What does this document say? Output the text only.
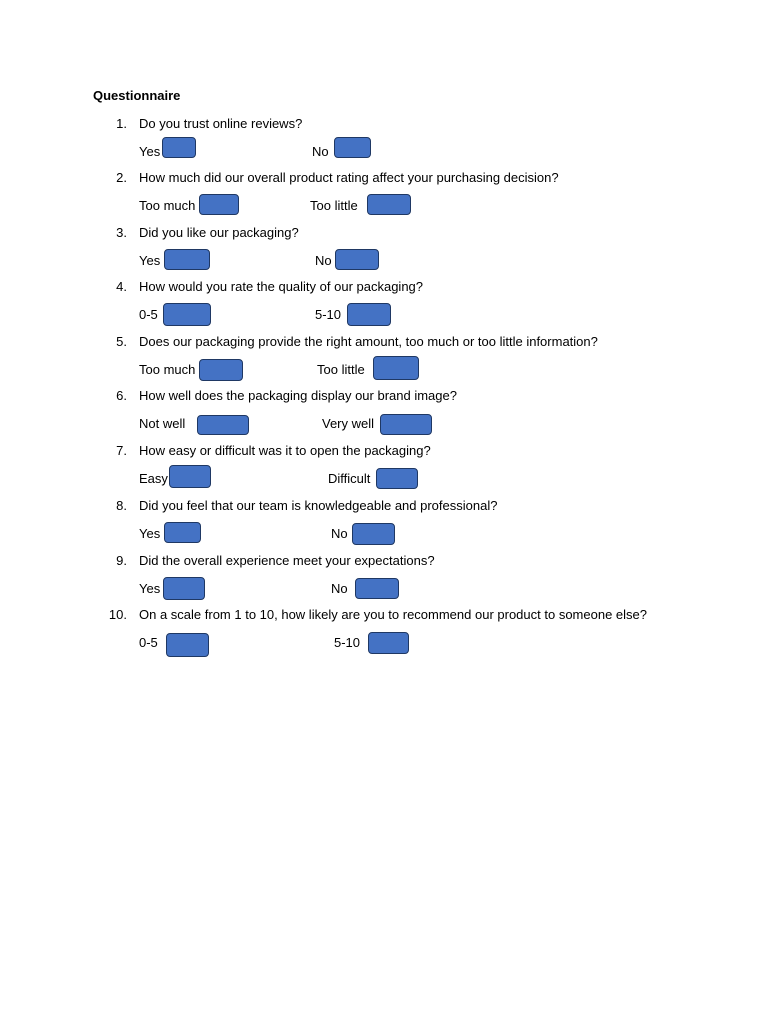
Questionnaire
1. Do you trust online reviews?
Yes	No
2. How much did our overall product rating affect your purchasing decision?
Too much	Too little
3. Did you like our packaging?
Yes	No
4. How would you rate the quality of our packaging?
0-5	5-10
5. Does our packaging provide the right amount, too much or too little information?
Too much	Too little
6. How well does the packaging display our brand image?
Not well	Very well
7. How easy or difficult was it to open the packaging?
Easy	Difficult
8. Did you feel that our team is knowledgeable and professional?
Yes	No
9. Did the overall experience meet your expectations?
Yes	No
10. On a scale from 1 to 10, how likely are you to recommend our product to someone else?
0-5	5-10
